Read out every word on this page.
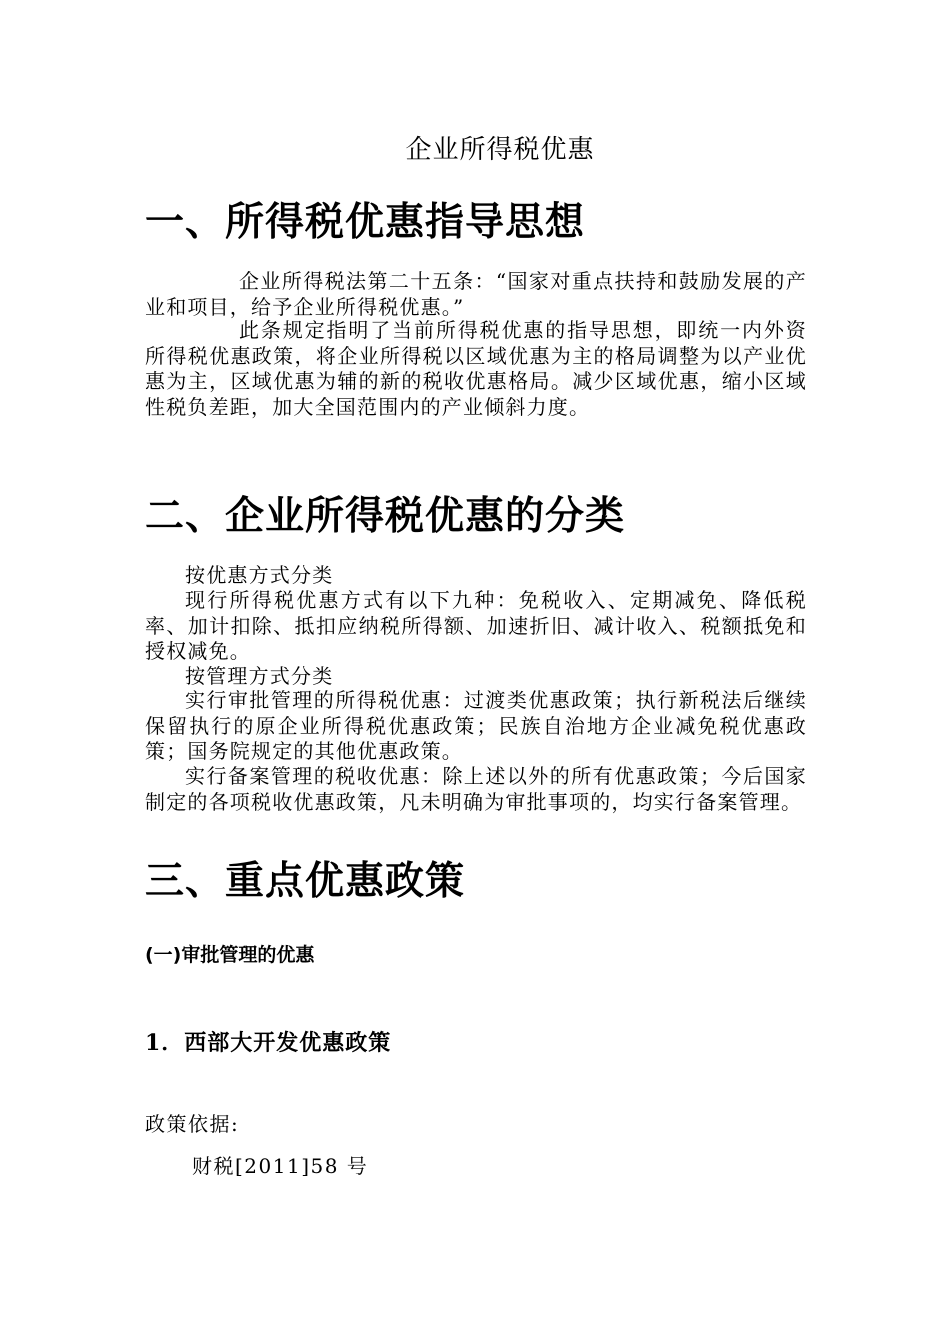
企业所得税优惠
一、所得税优惠指导思想
企业所得税法第二十五条：“国家对重点扶持和鼓励发展的产业和项目，给予企业所得税优惠。”
此条规定指明了当前所得税优惠的指导思想，即统一内外资所得税优惠政策，将企业所得税以区域优惠为主的格局调整为以产业优惠为主，区域优惠为辅的新的税收优惠格局。减少区域优惠，缩小区域性税负差距，加大全国范围内的产业倾斜力度。
二、企业所得税优惠的分类
按优惠方式分类
现行所得税优惠方式有以下九种：免税收入、定期减免、降低税率、加计扣除、抵扣应纳税所得额、加速折旧、减计收入、税额抵免和授权减免。
按管理方式分类
实行审批管理的所得税优惠：过渡类优惠政策；执行新税法后继续保留执行的原企业所得税优惠政策；民族自治地方企业减免税优惠政策；国务院规定的其他优惠政策。
实行备案管理的税收优惠：除上述以外的所有优惠政策；今后国家制定的各项税收优惠政策，凡未明确为审批事项的，均实行备案管理。
三、重点优惠政策
(一)审批管理的优惠
1．西部大开发优惠政策
政策依据:
财税[2011]58 号
